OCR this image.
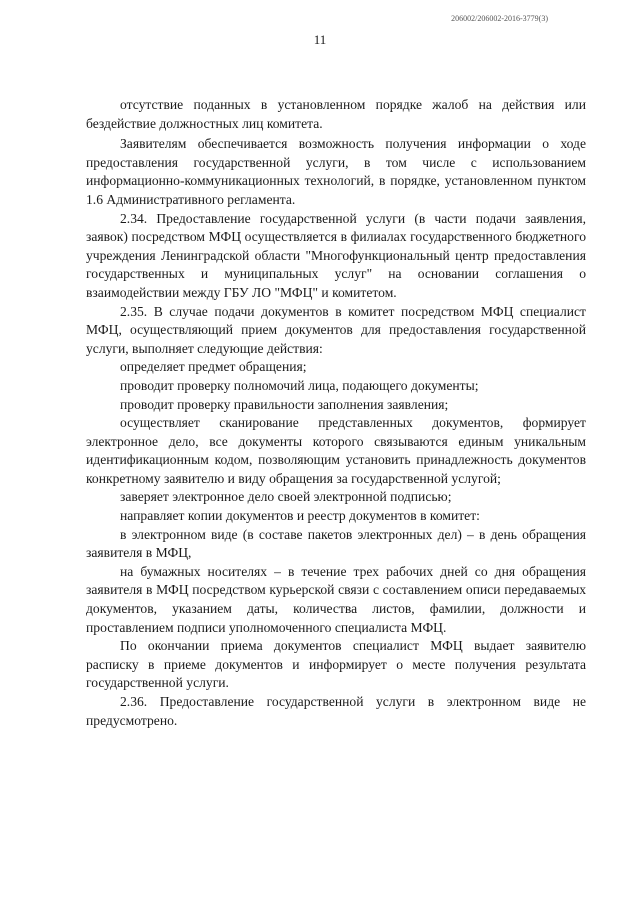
206002/206002-2016-3779(3)
11

отсутствие поданных в установленном порядке жалоб на действия или бездействие должностных лиц комитета.

Заявителям обеспечивается возможность получения информации о ходе предоставления государственной услуги, в том числе с использованием информационно-коммуникационных технологий, в порядке, установленном пунктом 1.6 Административного регламента.

2.34. Предоставление государственной услуги (в части подачи заявления, заявок) посредством МФЦ осуществляется в филиалах государственного бюджетного учреждения Ленинградской области "Многофункциональный центр предоставления государственных и муниципальных услуг" на основании соглашения о взаимодействии между ГБУ ЛО "МФЦ" и комитетом.

2.35. В случае подачи документов в комитет посредством МФЦ специалист МФЦ, осуществляющий прием документов для предоставления государственной услуги, выполняет следующие действия:

определяет предмет обращения;

проводит проверку полномочий лица, подающего документы;

проводит проверку правильности заполнения заявления;

осуществляет сканирование представленных документов, формирует электронное дело, все документы которого связываются единым уникальным идентификационным кодом, позволяющим установить принадлежность документов конкретному заявителю и виду обращения за государственной услугой;

заверяет электронное дело своей электронной подписью;

направляет копии документов и реестр документов в комитет:

в электронном виде (в составе пакетов электронных дел) – в день обращения заявителя в МФЦ,

на бумажных носителях – в течение трех рабочих дней со дня обращения заявителя в МФЦ посредством курьерской связи с составлением описи передаваемых документов, указанием даты, количества листов, фамилии, должности и проставлением подписи уполномоченного специалиста МФЦ.

По окончании приема документов специалист МФЦ выдает заявителю расписку в приеме документов и информирует о месте получения результата государственной услуги.

2.36. Предоставление государственной услуги в электронном виде не предусмотрено.
